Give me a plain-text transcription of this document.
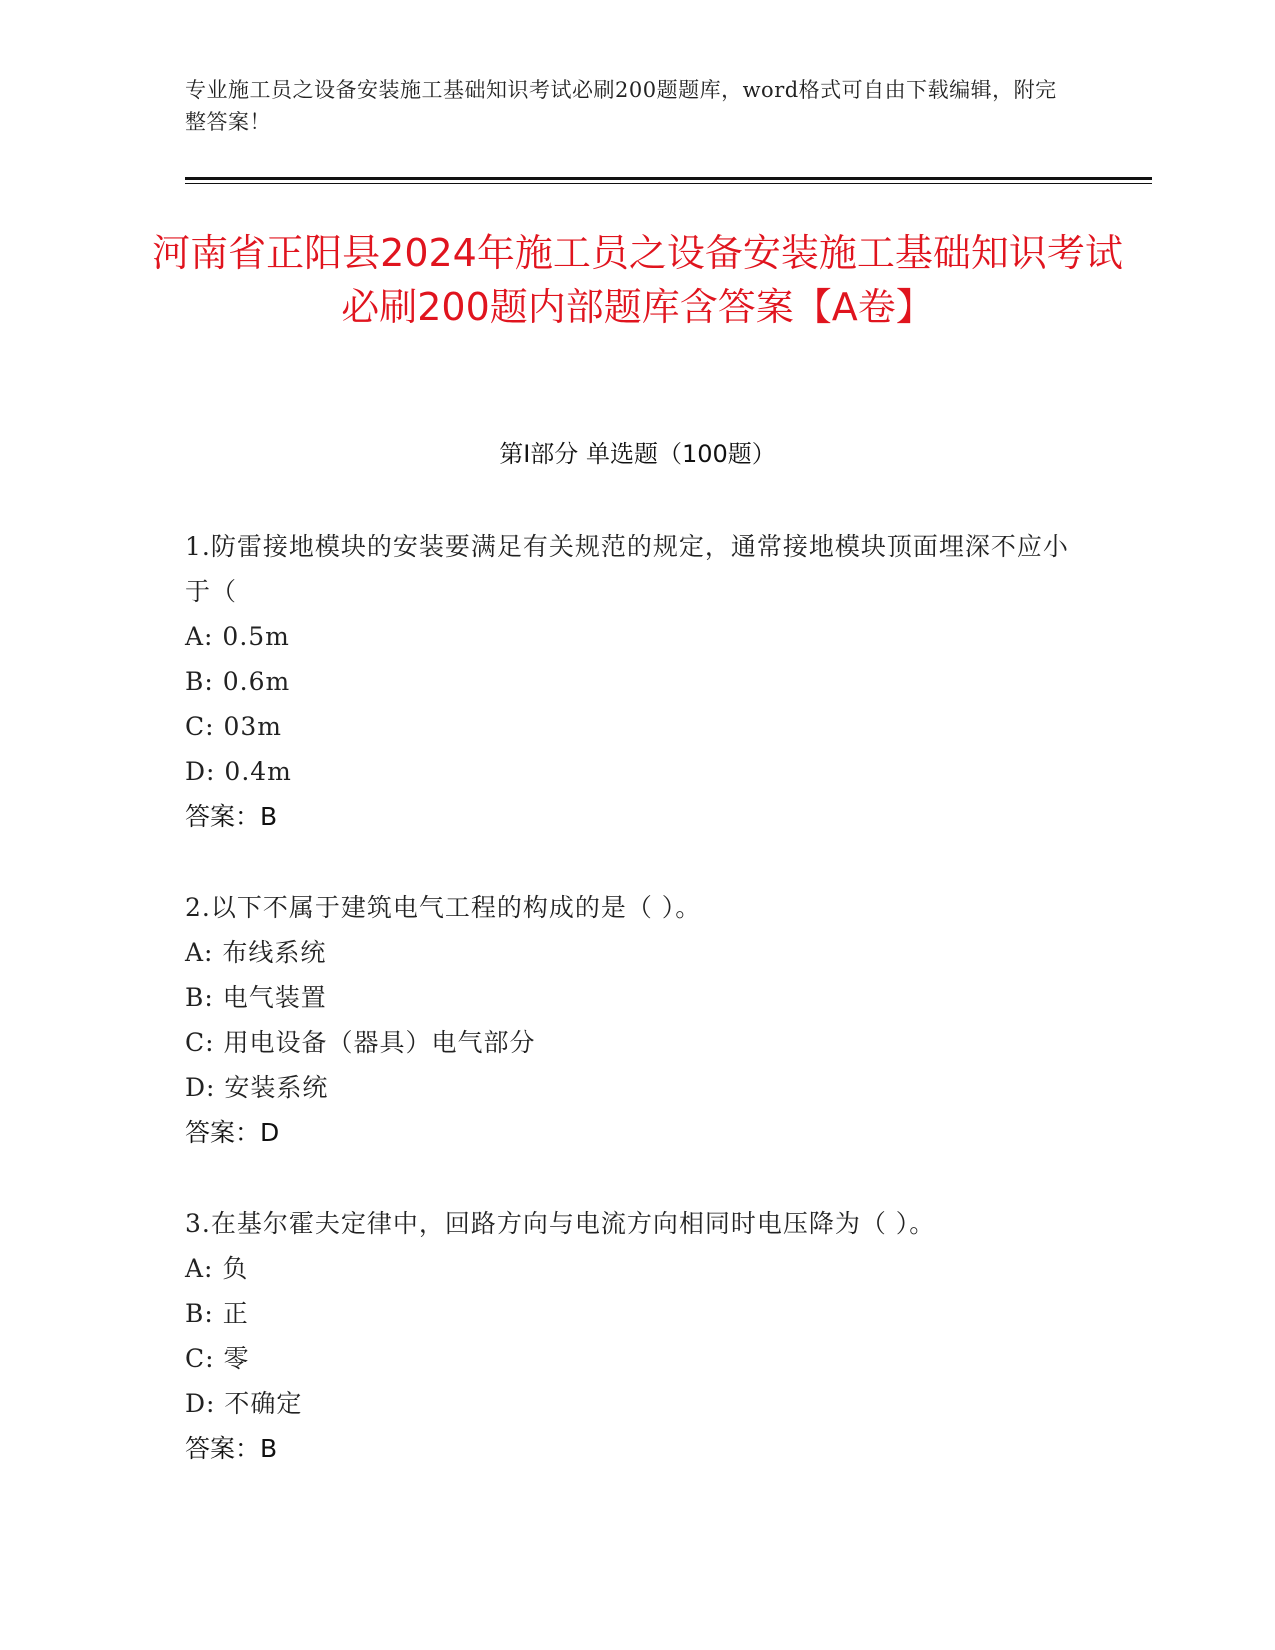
专业施工员之设备安装施工基础知识考试必刷200题题库，word格式可自由下载编辑，附完整答案！
河南省正阳县2024年施工员之设备安装施工基础知识考试必刷200题内部题库含答案【A卷】
第I部分 单选题（100题）
1.防雷接地模块的安装要满足有关规范的规定，通常接地模块顶面埋深不应小于（
A: 0.5m
B: 0.6m
C: 03m
D: 0.4m
答案：B
2.以下不属于建筑电气工程的构成的是（ ）。
A: 布线系统
B: 电气装置
C: 用电设备（器具）电气部分
D: 安装系统
答案：D
3.在基尔霍夫定律中，回路方向与电流方向相同时电压降为（ ）。
A: 负
B: 正
C: 零
D: 不确定
答案：B
